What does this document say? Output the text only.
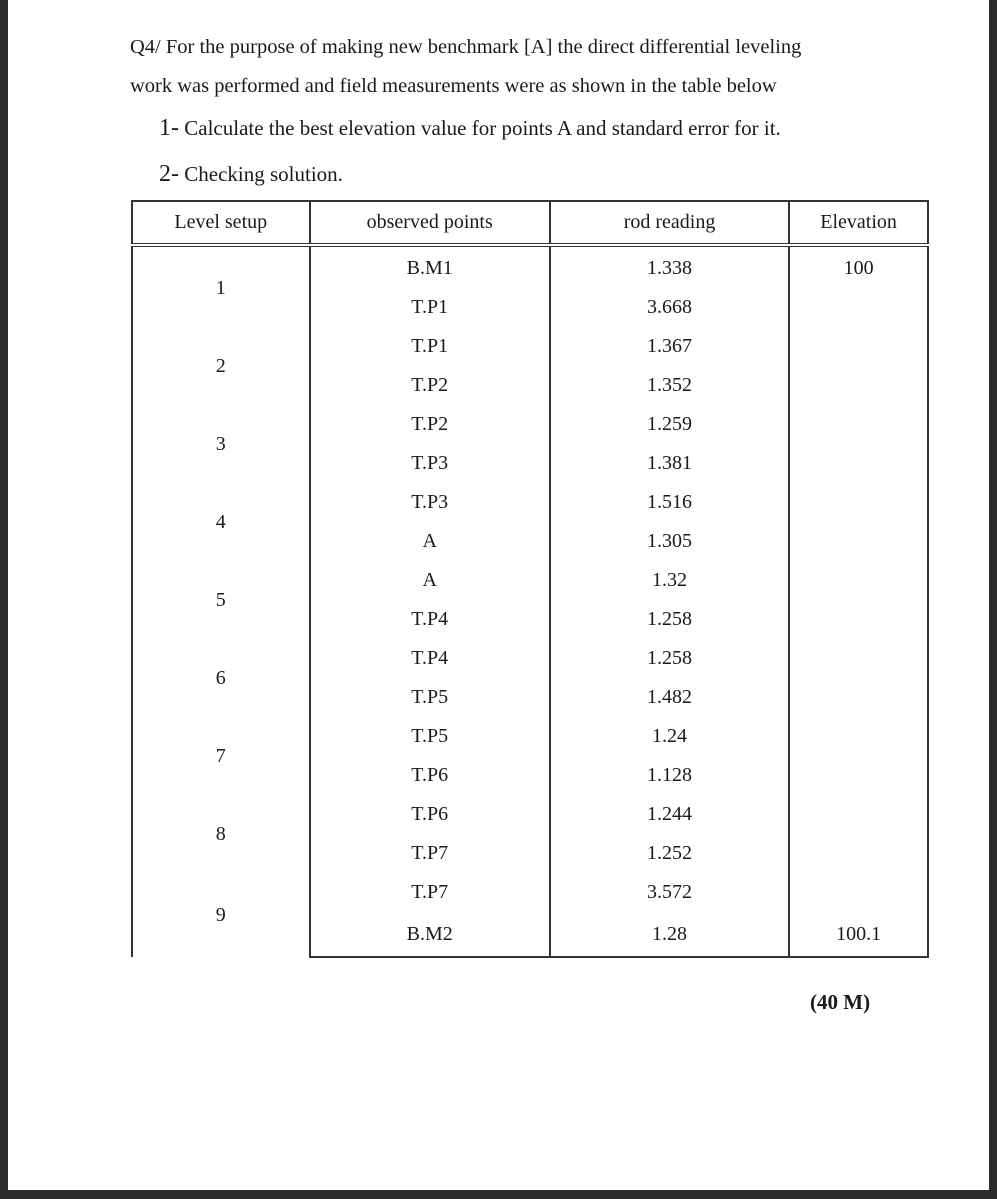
Q4/ For the purpose of making new benchmark [A] the direct differential leveling
work was performed and field measurements were as shown in the table below
1- Calculate the best elevation value for points A and standard error for it.
2- Checking solution.
Level setup	observed points	rod reading	Elevation
1	B.M1	1.338	100
	T.P1	3.668	
2	T.P1	1.367	
	T.P2	1.352	
3	T.P2	1.259	
	T.P3	1.381	
4	T.P3	1.516	
	A	1.305	
5	A	1.32	
	T.P4	1.258	
6	T.P4	1.258	
	T.P5	1.482	
7	T.P5	1.24	
	T.P6	1.128	
8	T.P6	1.244	
	T.P7	1.252	
9	T.P7	3.572	
	B.M2	1.28	100.1
(40 M)
